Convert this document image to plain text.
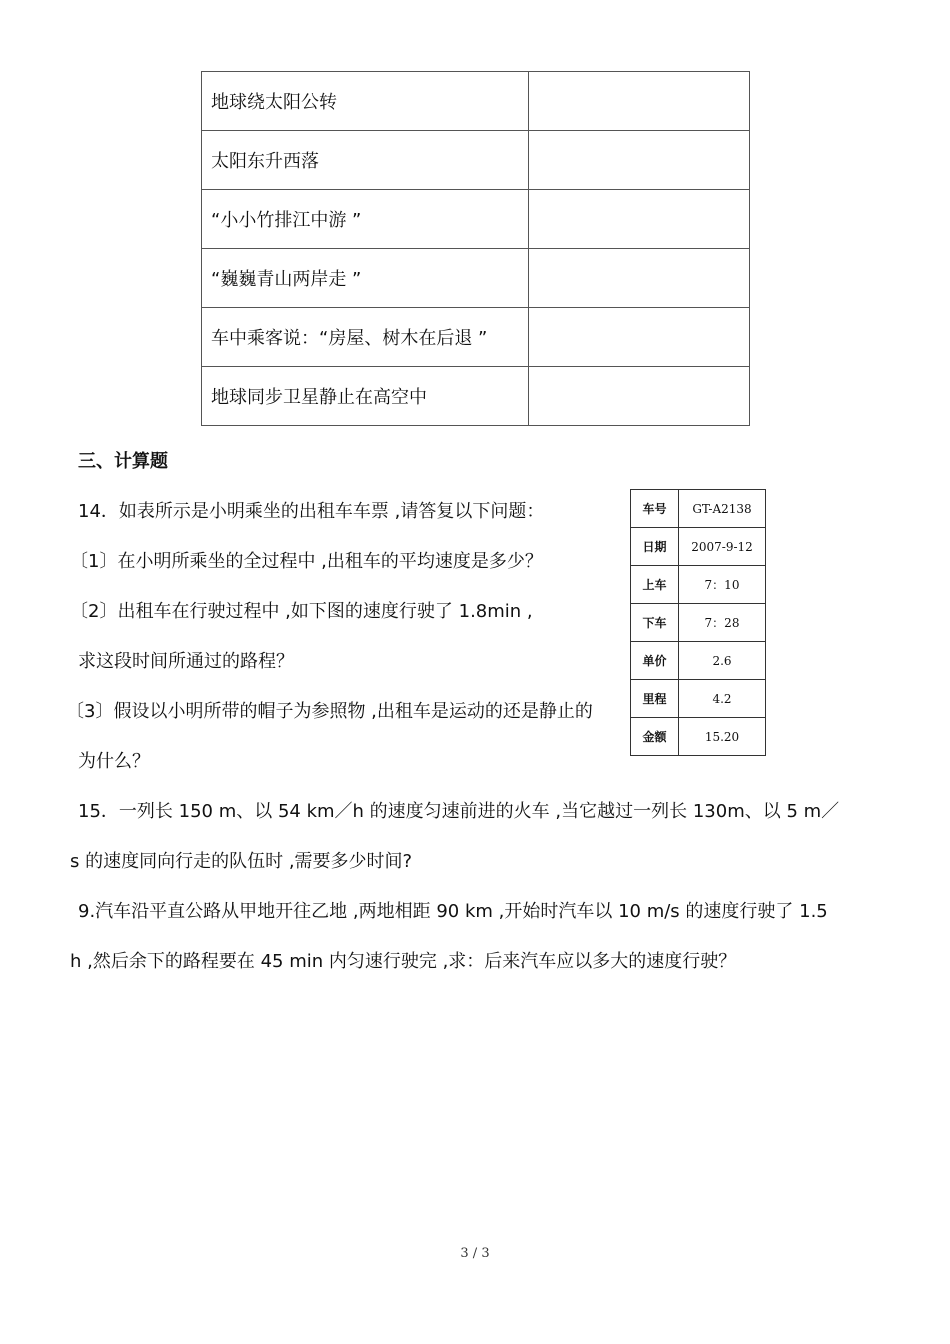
地球绕太阳公转	
太阳东升西落	
“小小竹排江中游 ”	
“巍巍青山两岸走 ”	
车中乘客说：“房屋、树木在后退 ”	
地球同步卫星静止在高空中	
三、计算题
14．如表所示是小明乘坐的出租车车票 ,请答复以下问题：
〔1〕在小明所乘坐的全过程中 ,出租车的平均速度是多少？
〔2〕出租车在行驶过程中 ,如下图的速度行驶了 1.8min ,
求这段时间所通过的路程？
〔3〕假设以小明所带的帽子为参照物 ,出租车是运动的还是静止的
为什么？
车号	GT-A2138
日期	2007-9-12
上车	7：10
下车	7：28
单价	2.6
里程	4.2
金额	15.20
15．一列长 150 m、以 54 km／h 的速度匀速前进的火车 ,当它越过一列长 130m、以 5 m／
s 的速度同向行走的队伍时 ,需要多少时间?
9.汽车沿平直公路从甲地开往乙地 ,两地相距 90 km ,开始时汽车以 10 m/s 的速度行驶了 1.5
h ,然后余下的路程要在 45 min 内匀速行驶完 ,求：后来汽车应以多大的速度行驶？
3 / 3
